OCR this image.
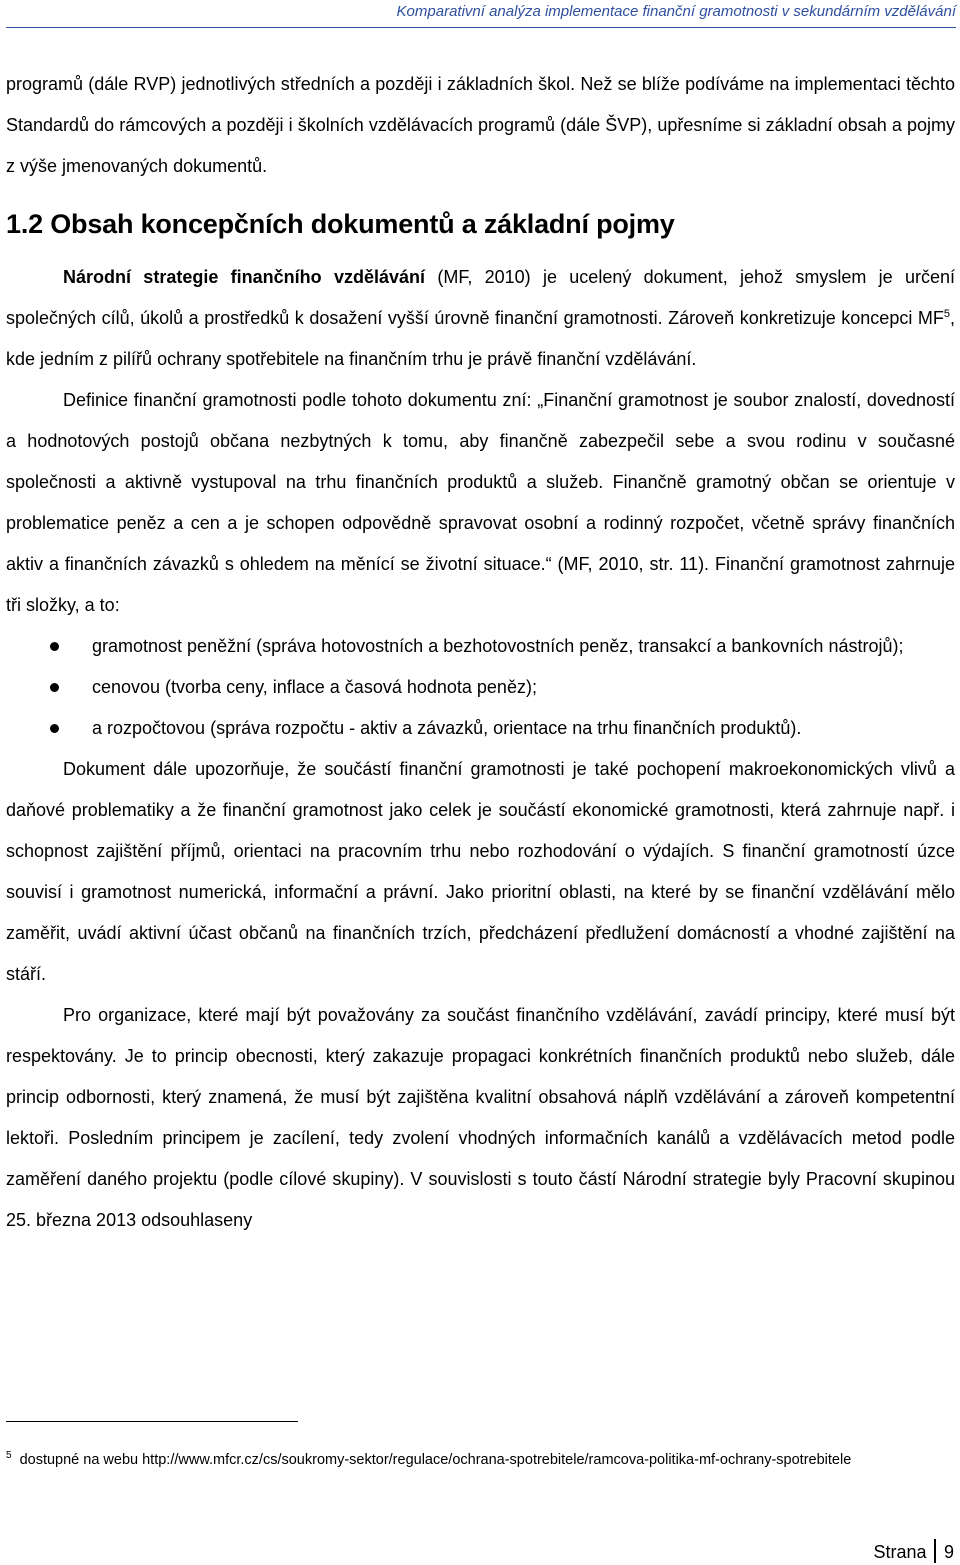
Komparativní analýza implementace finanční gramotnosti v sekundárním vzdělávání

programů (dále RVP) jednotlivých středních a později i základních škol. Než se blíže podíváme na implementaci těchto Standardů do rámcových a později i školních vzdělávacích programů (dále ŠVP), upřesníme si základní obsah a pojmy z výše jmenovaných dokumentů.

1.2 Obsah koncepčních dokumentů a základní pojmy

Národní strategie finančního vzdělávání (MF, 2010) je ucelený dokument, jehož smyslem je určení společných cílů, úkolů a prostředků k dosažení vyšší úrovně finanční gramotnosti. Zároveň konkretizuje koncepci $MF^5$, kde jedním z pilířů ochrany spotřebitele na finančním trhu je právě finanční vzdělávání.

Definice finanční gramotnosti podle tohoto dokumentu zní: „Finanční gramotnost je soubor znalostí, dovedností a hodnotových postojů občana nezbytných k tomu, aby finančně zabezpečil sebe a svou rodinu v současné společnosti a aktivně vystupoval na trhu finančních produktů a služeb. Finančně gramotný občan se orientuje v problematice peněz a cen a je schopen odpovědně spravovat osobní a rodinný rozpočet, včetně správy finančních aktiv a finančních závazků s ohledem na měnící se životní situace.“ (MF, 2010, str. 11). Finanční gramotnost zahrnuje tři složky, a to:

gramotnost peněžní (správa hotovostních a bezhotovostních peněz, transakcí a bankovních nástrojů);

cenovou (tvorba ceny, inflace a časová hodnota peněz);

a rozpočtovou (správa rozpočtu - aktiv a závazků, orientace na trhu finančních produktů).

Dokument dále upozorňuje, že součástí finanční gramotnosti je také pochopení makroekonomických vlivů a daňové problematiky a že finanční gramotnost jako celek je součástí ekonomické gramotnosti, která zahrnuje např. i schopnost zajištění příjmů, orientaci na pracovním trhu nebo rozhodování o výdajích. S finanční gramotností úzce souvisí i gramotnost numerická, informační a právní. Jako prioritní oblasti, na které by se finanční vzdělávání mělo zaměřit, uvádí aktivní účast občanů na finančních trzích, předcházení předlužení domácností a vhodné zajištění na stáří.

Pro organizace, které mají být považovány za součást finančního vzdělávání, zavádí principy, které musí být respektovány. Je to princip obecnosti, který zakazuje propagaci konkrétních finančních produktů nebo služeb, dále princip odbornosti, který znamená, že musí být zajištěna kvalitní obsahová náplň vzdělávání a zároveň kompetentní lektoři. Posledním principem je zacílení, tedy zvolení vhodných informačních kanálů a vzdělávacích metod podle zaměření daného projektu (podle cílové skupiny). V souvislosti s touto částí Národní strategie byly Pracovní skupinou 25. března 2013 odsouhlaseny

$^5$ dostupné na webu http://www.mfcr.cz/cs/soukromy-sektor/regulace/ochrana-spotrebitele/ramcova-politika-mf-ochrany-spotrebitele
Strana 9
